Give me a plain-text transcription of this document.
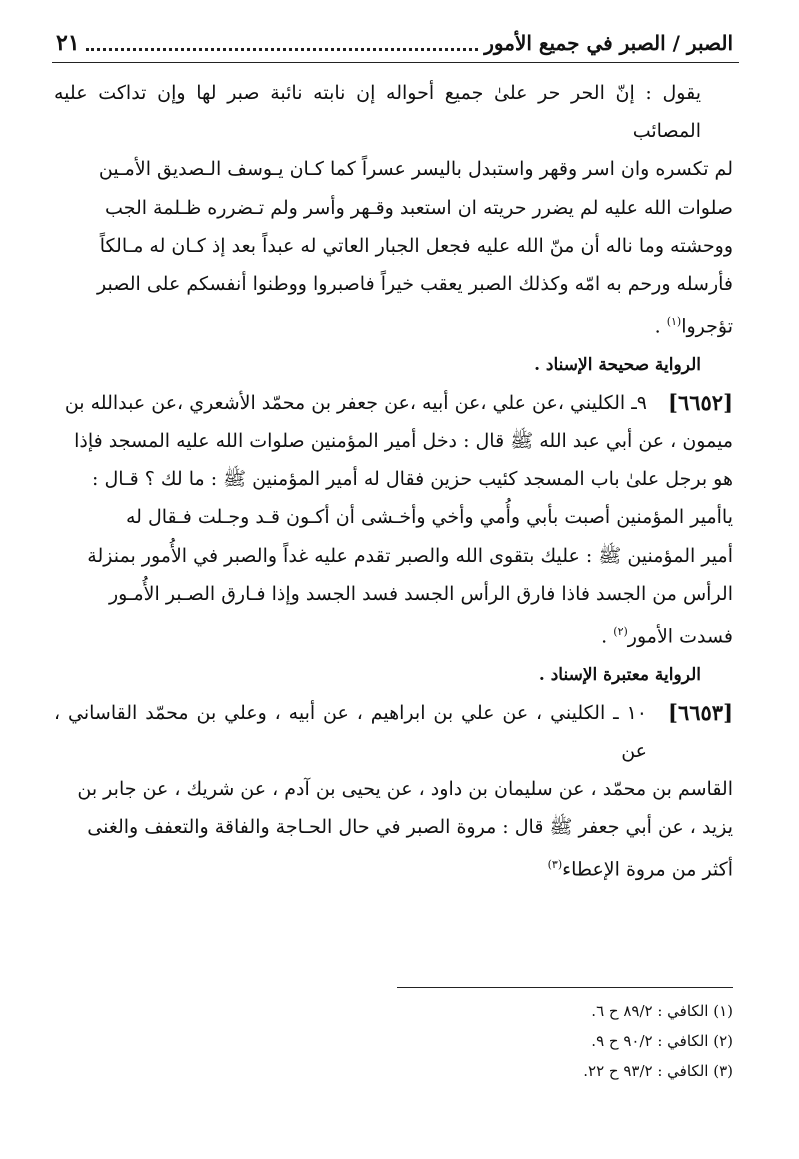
الصبر / الصبر في جميع الأمور
٢١

يقول : إنّ الحر حر علىٰ جميع أحواله إن نابته نائبة صبر لها وإن تداكت عليه المصائب

لم تكسره وان اسر وقهر واستبدل باليسر عسراً كما كـان يـوسف الـصديق الأمـين

صلوات الله عليه لم يضرر حريته ان استعبد وقـهر وأسر ولم تـضرره ظـلمة الجب

ووحشته وما ناله أن منّ الله عليه فجعل الجبار العاتي له عبداً بعد إذ كـان له مـالكاً

فأرسله ورحم به امّه وكذلك الصبر يعقب خيراً فاصبروا ووطنوا أنفسكم على الصبر

تؤجروا$^{(١)}$ .

الرواية صحيحة الإسناد .

[٦٦٥٢]

٩ـ الكليني ،عن علي ،عن أبيه ،عن جعفر بن محمّد الأشعري ،عن عبدالله بن

ميمون ، عن أبي عبد الله ﷺ قال : دخل أمير المؤمنين صلوات الله عليه المسجد فإذا

هو برجل علىٰ باب المسجد كئيب حزين فقال له أمير المؤمنين ﷺ : ما لك ؟ قـال :

ياأمير المؤمنين أصبت بأبي وأُمي وأخي وأخـشى أن أكـون قـد وجـلت فـقال له

أمير المؤمنين ﷺ : عليك بتقوى الله والصبر تقدم عليه غداً والصبر في الأُمور بمنزلة

الرأس من الجسد فاذا فارق الرأس الجسد فسد الجسد وإذا فـارق الصـبر الأُمـور

فسدت الأمور$^{(٢)}$ .

الرواية معتبرة الإسناد .

[٦٦٥٣]

١٠ ـ الكليني ، عن علي بن ابراهيم ، عن أبيه ، وعلي بن محمّد القاساني ، عن

القاسم بن محمّد ، عن سليمان بن داود ، عن يحيى بن آدم ، عن شريك ، عن جابر بن

يزيد ، عن أبي جعفر ﷺ قال : مروة الصبر في حال الحـاجة والفاقة والتعفف والغنى

أكثر من مروة الإعطاء$^{(٣)}$

(١) الكافي : ٨٩/٢ ح ٦.

(٢) الكافي : ٩٠/٢ ح ٩.

(٣) الكافي : ٩٣/٢ ح ٢٢.
